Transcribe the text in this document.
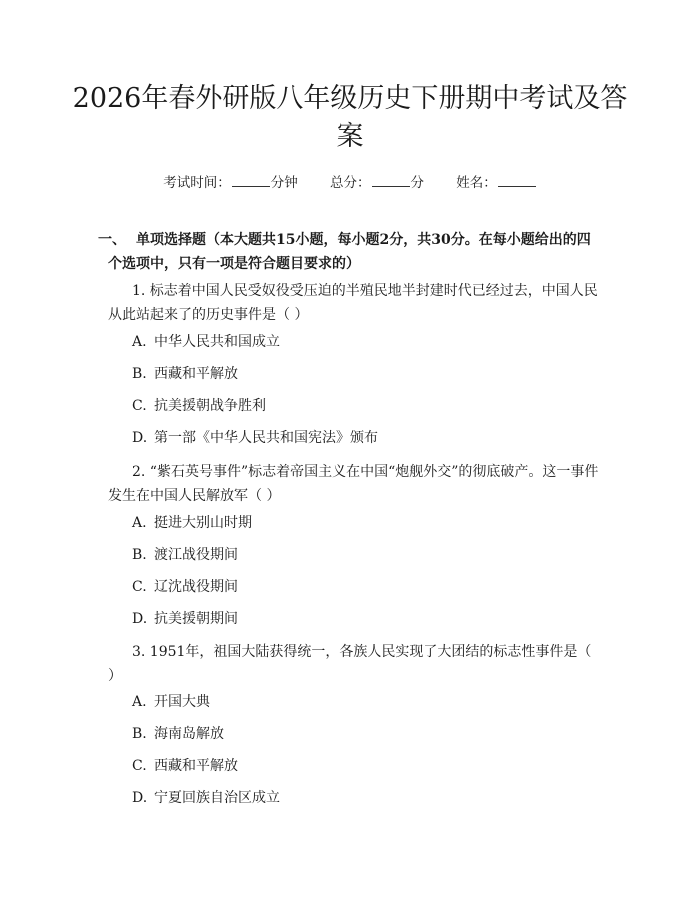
2026年春外研版八年级历史下册期中考试及答案
考试时间：	分钟 总分：	分 姓名：
一、 单项选择题（本大题共15小题，每小题2分，共30分。在每小题给出的四个选项中，只有一项是符合题目要求的）
1. 标志着中国人民受奴役受压迫的半殖民地半封建时代已经过去，中国人民从此站起来了的历史事件是（ ）
A. 中华人民共和国成立
B. 西藏和平解放
C. 抗美援朝战争胜利
D. 第一部《中华人民共和国宪法》颁布
2. “紫石英号事件”标志着帝国主义在中国“炮舰外交”的彻底破产。这一事件发生在中国人民解放军（ ）
A. 挺进大别山时期
B. 渡江战役期间
C. 辽沈战役期间
D. 抗美援朝期间
3. 1951年，祖国大陆获得统一，各族人民实现了大团结的标志性事件是（ ）
A. 开国大典
B. 海南岛解放
C. 西藏和平解放
D. 宁夏回族自治区成立
